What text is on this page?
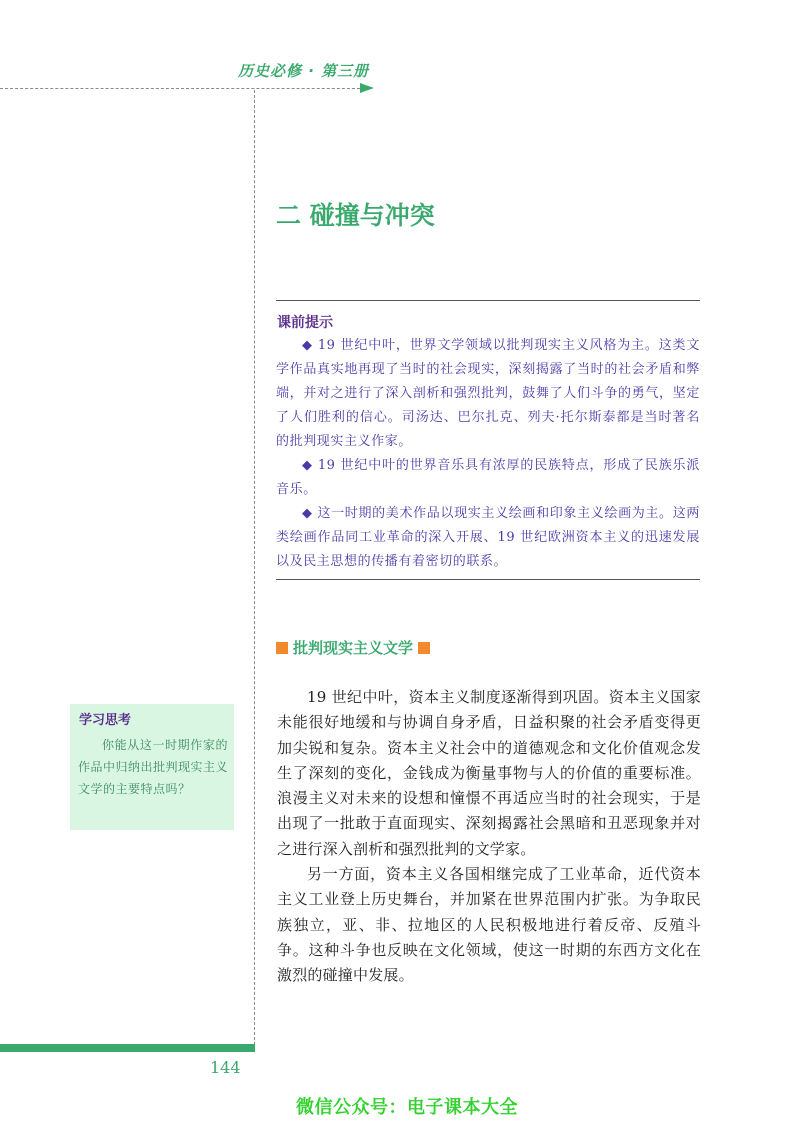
历史必修 · 第三册
二 碰撞与冲突
课前提示

◆ 19 世纪中叶，世界文学领域以批判现实主义风格为主。这类文学作品真实地再现了当时的社会现实，深刻揭露了当时的社会矛盾和弊端，并对之进行了深入剖析和强烈批判，鼓舞了人们斗争的勇气，坚定了人们胜利的信心。司汤达、巴尔扎克、列夫·托尔斯泰都是当时著名的批判现实主义作家。

◆ 19 世纪中叶的世界音乐具有浓厚的民族特点，形成了民族乐派音乐。

◆ 这一时期的美术作品以现实主义绘画和印象主义绘画为主。这两类绘画作品同工业革命的深入开展、19 世纪欧洲资本主义的迅速发展以及民主思想的传播有着密切的联系。

批判现实主义文学

19 世纪中叶，资本主义制度逐渐得到巩固。资本主义国家未能很好地缓和与协调自身矛盾，日益积聚的社会矛盾变得更加尖锐和复杂。资本主义社会中的道德观念和文化价值观念发生了深刻的变化，金钱成为衡量事物与人的价值的重要标准。浪漫主义对未来的设想和憧憬不再适应当时的社会现实，于是出现了一批敢于直面现实、深刻揭露社会黑暗和丑恶现象并对之进行深入剖析和强烈批判的文学家。

另一方面，资本主义各国相继完成了工业革命，近代资本主义工业登上历史舞台，并加紧在世界范围内扩张。为争取民族独立，亚、非、拉地区的人民积极地进行着反帝、反殖斗争。这种斗争也反映在文化领域，使这一时期的东西方文化在激烈的碰撞中发展。

学习思考
你能从这一时期作家的作品中归纳出批判现实主义文学的主要特点吗？
144
微信公众号：电子课本大全
